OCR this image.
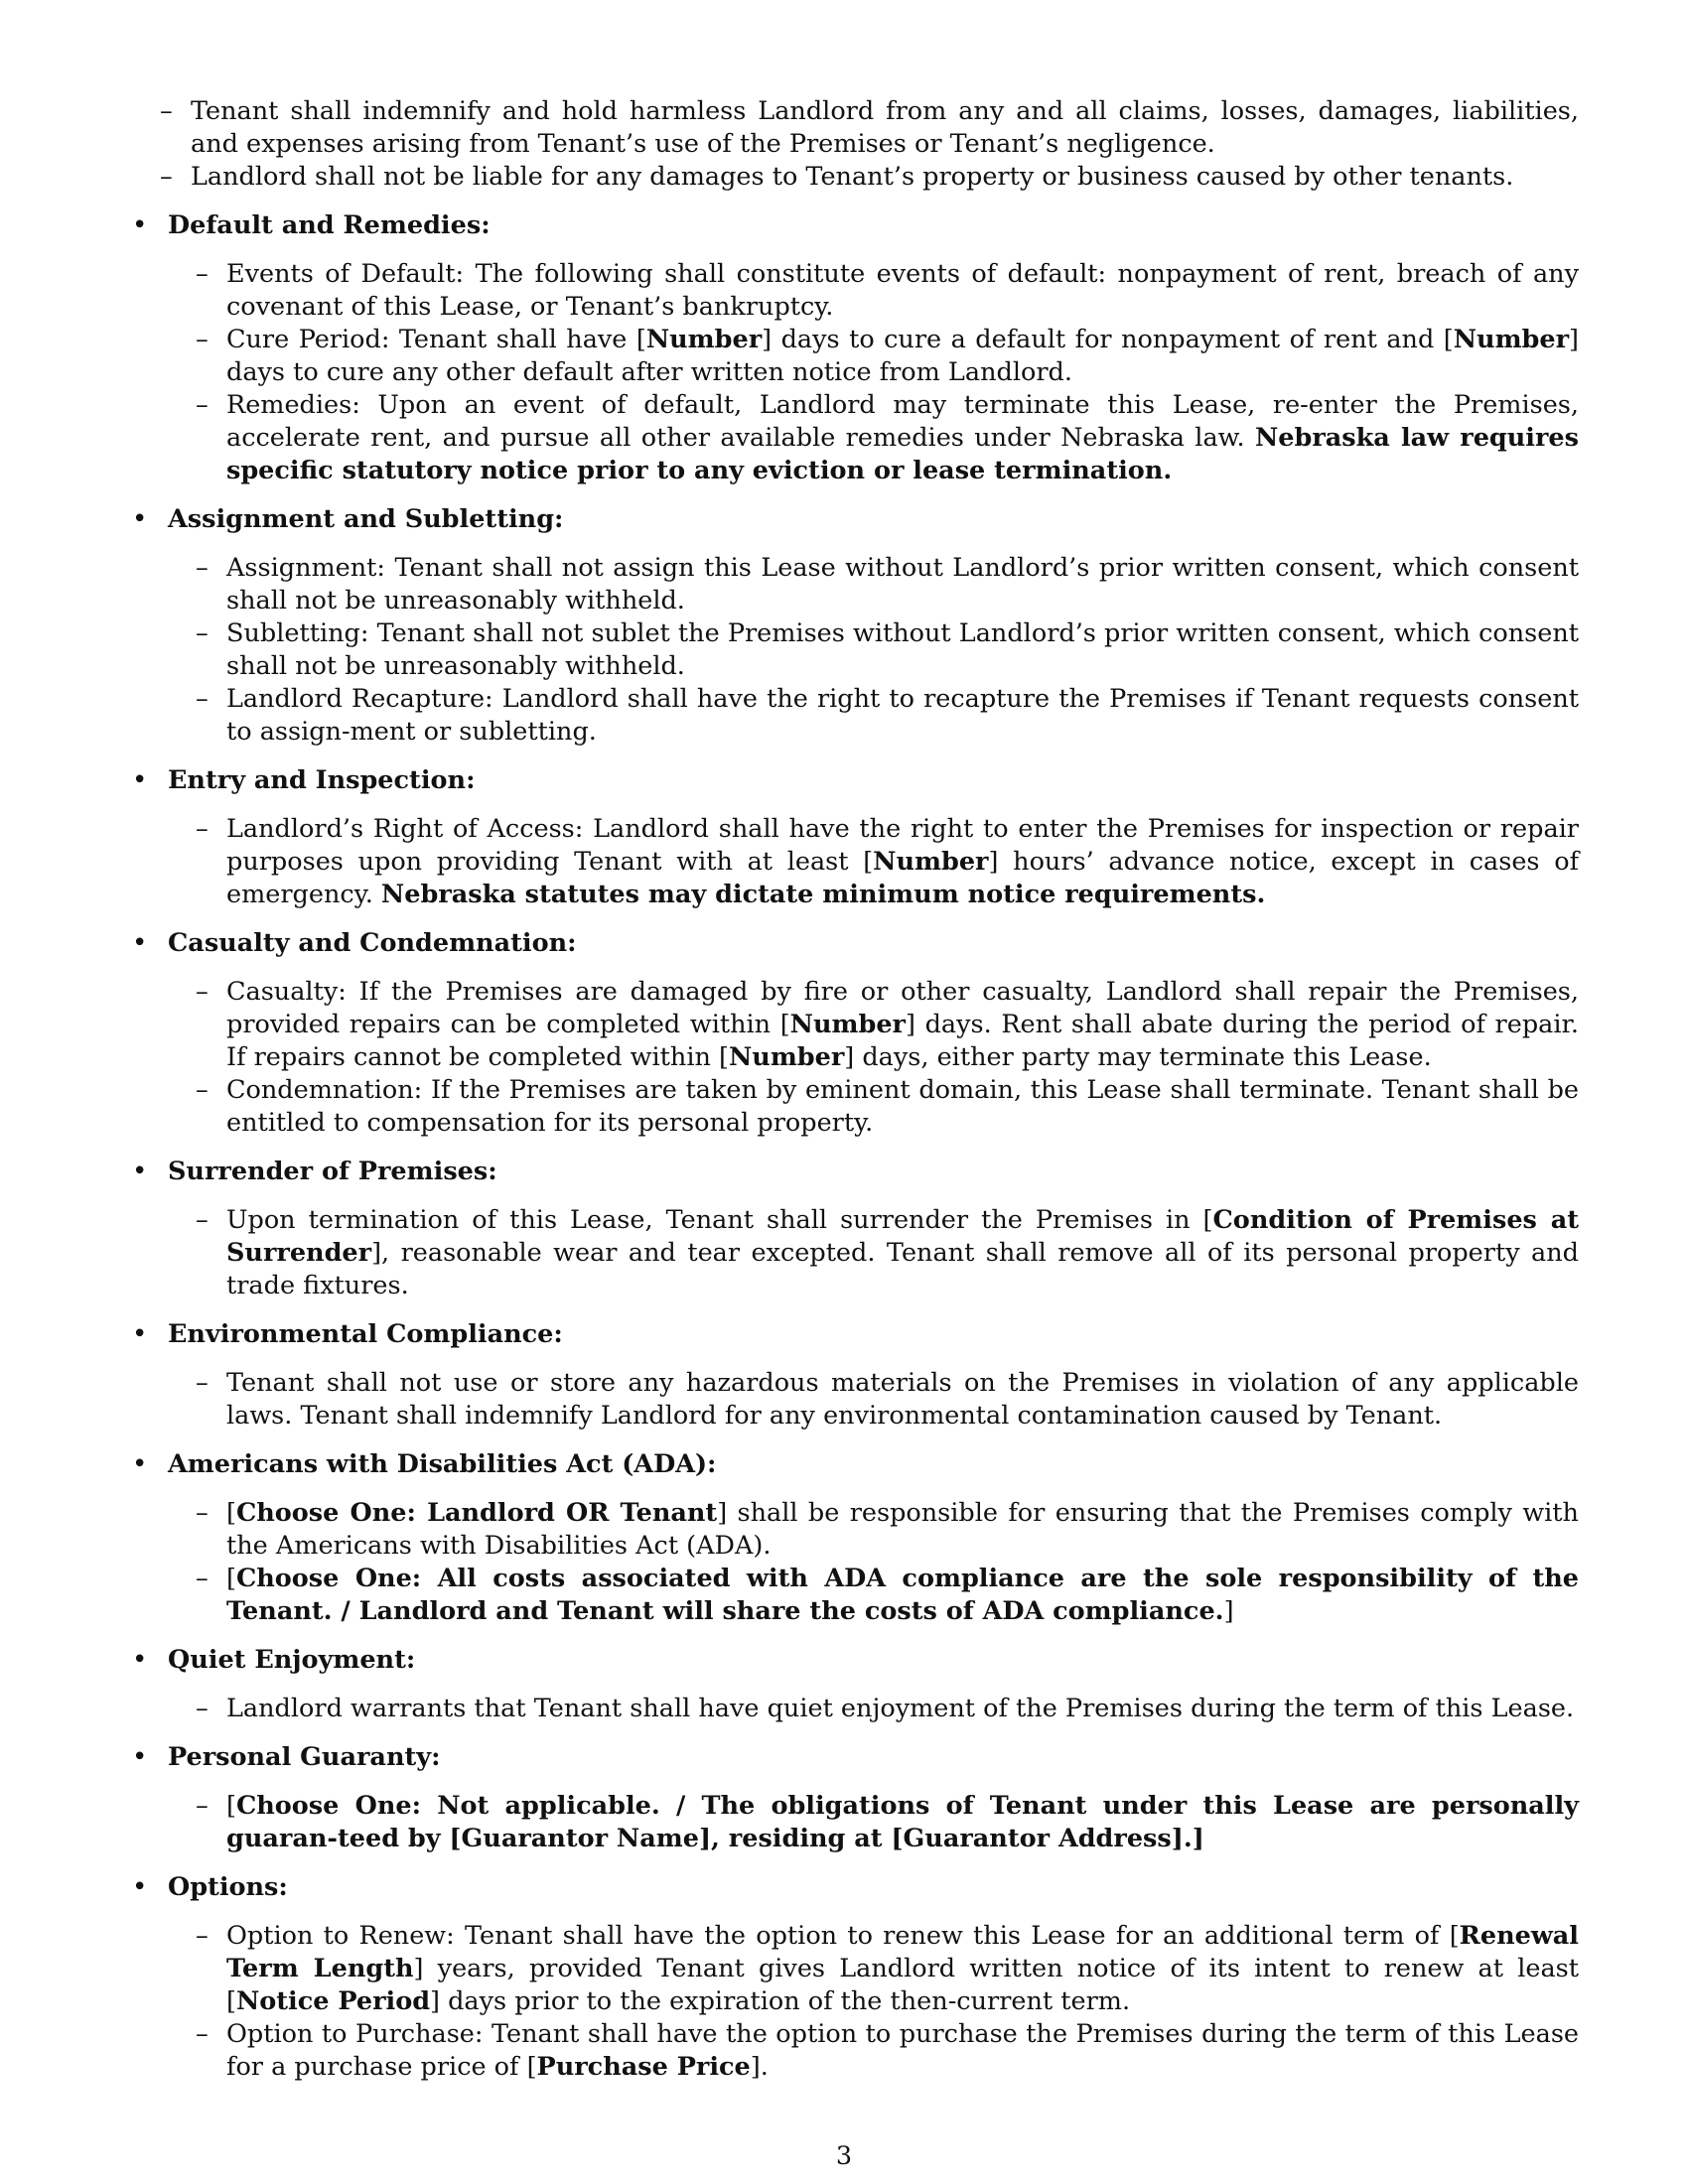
– Tenant shall indemnify and hold harmless Landlord from any and all claims, losses, damages, liabilities, and expenses arising from Tenant’s use of the Premises or Tenant’s negligence.
– Landlord shall not be liable for any damages to Tenant’s property or business caused by other tenants.
• Default and Remedies:
– Events of Default: The following shall constitute events of default: nonpayment of rent, breach of any covenant of this Lease, or Tenant’s bankruptcy.
– Cure Period: Tenant shall have [Number] days to cure a default for nonpayment of rent and [Number] days to cure any other default after written notice from Landlord.
– Remedies: Upon an event of default, Landlord may terminate this Lease, re-enter the Premises, accelerate rent, and pursue all other available remedies under Nebraska law. Nebraska law requires specific statutory notice prior to any eviction or lease termination.
• Assignment and Subletting:
– Assignment: Tenant shall not assign this Lease without Landlord’s prior written consent, which consent shall not be unreasonably withheld.
– Subletting: Tenant shall not sublet the Premises without Landlord’s prior written consent, which consent shall not be unreasonably withheld.
– Landlord Recapture: Landlord shall have the right to recapture the Premises if Tenant requests consent to assign-ment or subletting.
• Entry and Inspection:
– Landlord’s Right of Access: Landlord shall have the right to enter the Premises for inspection or repair purposes upon providing Tenant with at least [Number] hours’ advance notice, except in cases of emergency. Nebraska statutes may dictate minimum notice requirements.
• Casualty and Condemnation:
– Casualty: If the Premises are damaged by fire or other casualty, Landlord shall repair the Premises, provided repairs can be completed within [Number] days. Rent shall abate during the period of repair. If repairs cannot be completed within [Number] days, either party may terminate this Lease.
– Condemnation: If the Premises are taken by eminent domain, this Lease shall terminate. Tenant shall be entitled to compensation for its personal property.
• Surrender of Premises:
– Upon termination of this Lease, Tenant shall surrender the Premises in [Condition of Premises at Surrender], reasonable wear and tear excepted. Tenant shall remove all of its personal property and trade fixtures.
• Environmental Compliance:
– Tenant shall not use or store any hazardous materials on the Premises in violation of any applicable laws. Tenant shall indemnify Landlord for any environmental contamination caused by Tenant.
• Americans with Disabilities Act (ADA):
– [Choose One: Landlord OR Tenant] shall be responsible for ensuring that the Premises comply with the Americans with Disabilities Act (ADA).
– [Choose One: All costs associated with ADA compliance are the sole responsibility of the Tenant. / Landlord and Tenant will share the costs of ADA compliance.]
• Quiet Enjoyment:
– Landlord warrants that Tenant shall have quiet enjoyment of the Premises during the term of this Lease.
• Personal Guaranty:
– [Choose One: Not applicable. / The obligations of Tenant under this Lease are personally guaran-teed by [Guarantor Name], residing at [Guarantor Address].]
• Options:
– Option to Renew: Tenant shall have the option to renew this Lease for an additional term of [Renewal Term Length] years, provided Tenant gives Landlord written notice of its intent to renew at least [Notice Period] days prior to the expiration of the then-current term.
– Option to Purchase: Tenant shall have the option to purchase the Premises during the term of this Lease for a purchase price of [Purchase Price].
3
